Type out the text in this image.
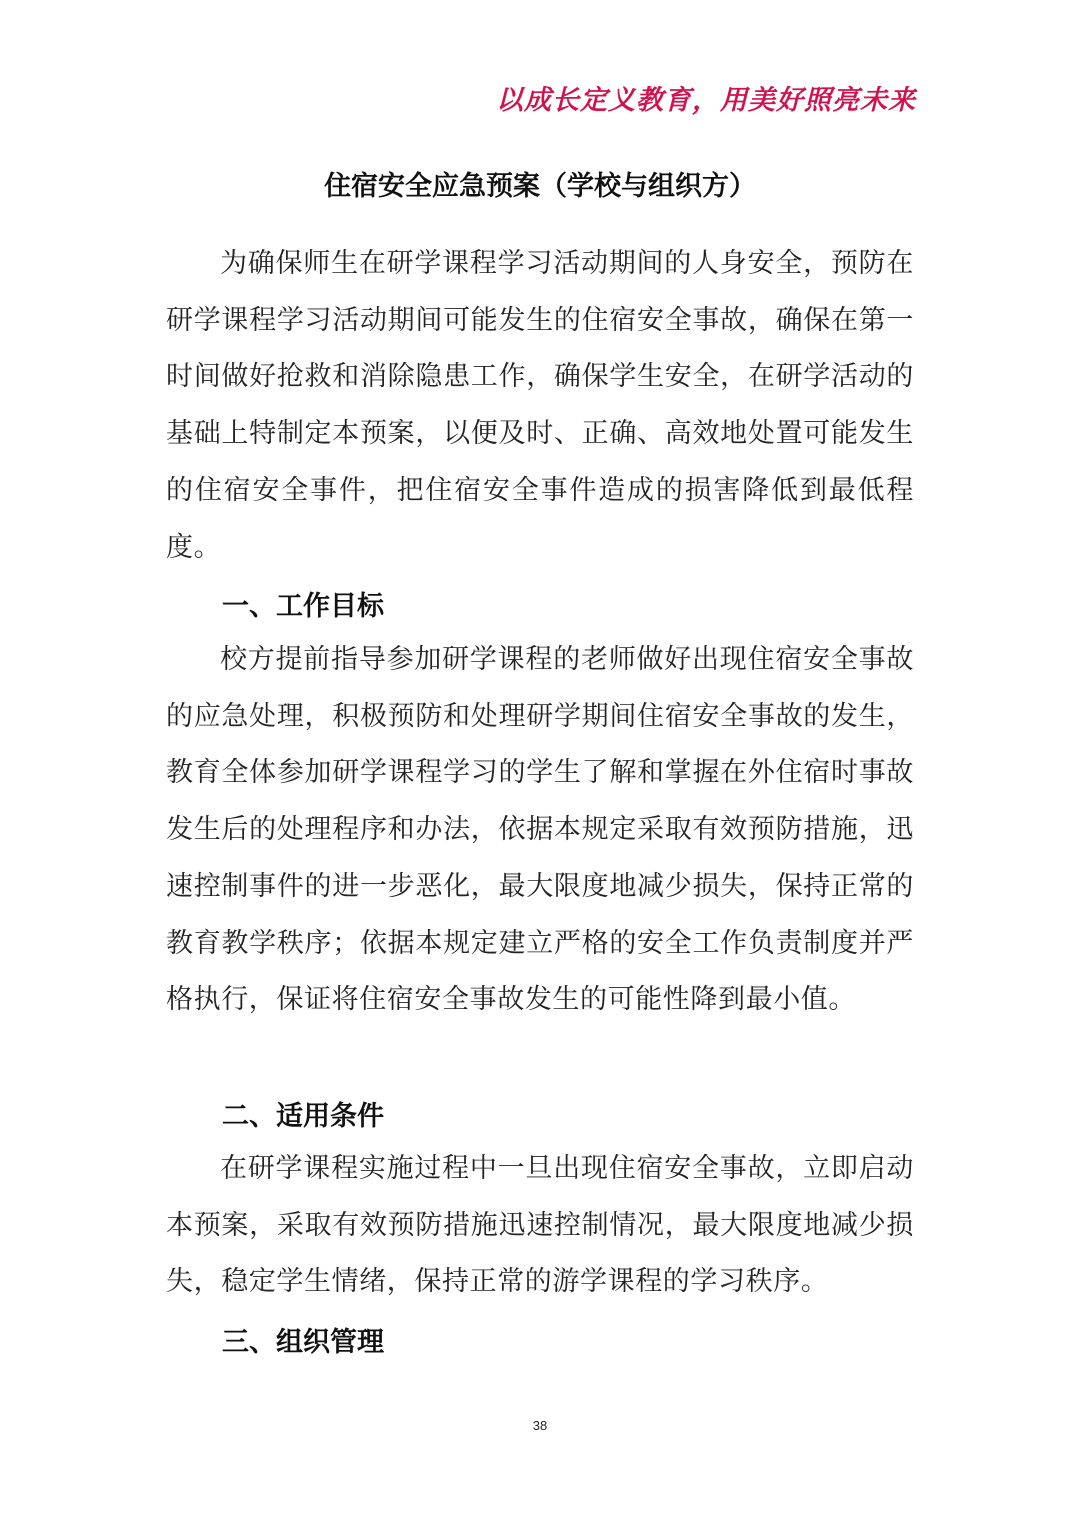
以成长定义教育，用美好照亮未来
住宿安全应急预案（学校与组织方）

为确保师生在研学课程学习活动期间的人身安全，预防在研学课程学习活动期间可能发生的住宿安全事故，确保在第一时间做好抢救和消除隐患工作，确保学生安全，在研学活动的基础上特制定本预案，以便及时、正确、高效地处置可能发生的住宿安全事件，把住宿安全事件造成的损害降低到最低程度。

一、工作目标

校方提前指导参加研学课程的老师做好出现住宿安全事故的应急处理，积极预防和处理研学期间住宿安全事故的发生，教育全体参加研学课程学习的学生了解和掌握在外住宿时事故发生后的处理程序和办法，依据本规定采取有效预防措施，迅速控制事件的进一步恶化，最大限度地减少损失，保持正常的教育教学秩序；依据本规定建立严格的安全工作负责制度并严格执行，保证将住宿安全事故发生的可能性降到最小值。

二、适用条件

在研学课程实施过程中一旦出现住宿安全事故，立即启动本预案，采取有效预防措施迅速控制情况，最大限度地减少损失，稳定学生情绪，保持正常的游学课程的学习秩序。

三、组织管理
38
